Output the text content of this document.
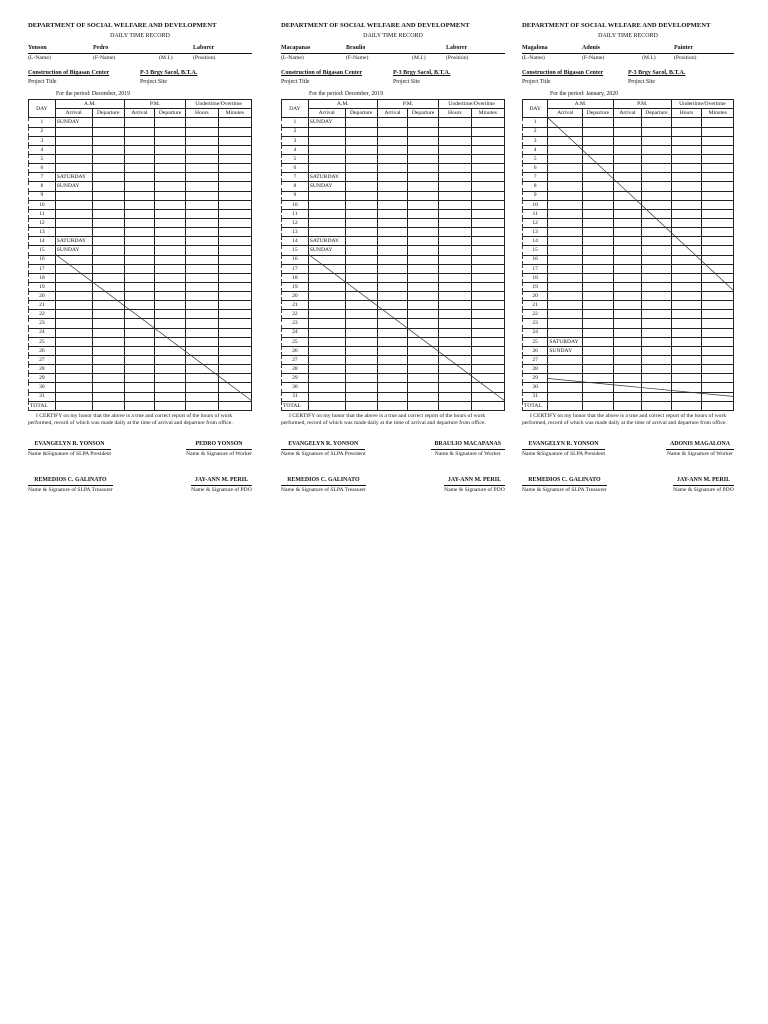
DEPARTMENT OF SOCIAL WELFARE AND DEVELOPMENT
DAILY TIME RECORD
Yonson	Pedro	Laborer
(L-Name)	(F-Name)	(M.I.)	(Position)
Construction of Bigasan Center
Project Title
P-3 Brgy Sacol, B.T.A.
Project Site
For the period: December, 2019
DAY	A.M.		P.M.		Undertime/Overtime	
	Arrival	Departure	Arrival	Departure	Hours	Minutes
1	SUNDAY					
2						
3						
4						
5						
6						
7	SATURDAY					
8	SUNDAY					
9						
10						
11						
12						
13						
14	SATURDAY					
15	SUNDAY					
16						
17						
18						
19						
20						
21						
22						
23						
24						
25						
26						
27						
28						
29						
30						
31						
TOTAL						
I CERTIFY on my honor that the above is a true and correct report of the hours of work performed, record of which was made daily at the time of arrival and departure from office.
EVANGELYN R. YONSON
Name &Signature of SLPA President
PEDRO YONSON
Name & Signature of Worker
REMEDIOS C. GALINATO
Name & Signature of SLPA Treasurer
JAY-ANN M. PERIL
Name & Signature of PDO
DEPARTMENT OF SOCIAL WELFARE AND DEVELOPMENT
DAILY TIME RECORD
Macapanas	Braulio	Laborer
(L-Name)	(F-Name)	(M.I.)	(Position)
Construction of Bigasan Center
Project Title
P-3 Brgy Sacol, B.T.A.
Project Site
For the period: December, 2019
DAY	A.M.		P.M.		Undertime/Overtime	
	Arrival	Departure	Arrival	Departure	Hours	Minutes
1	SUNDAY					
2						
3						
4						
5						
6						
7	SATURDAY					
8	SUNDAY					
9						
10						
11						
12						
13						
14	SATURDAY					
15	SUNDAY					
16						
17						
18						
19						
20						
21						
22						
23						
24						
25						
26						
27						
28						
29						
30						
31						
TOTAL						
I CERTIFY on my honor that the above is a true and correct report of the hours of work performed, record of which was made daily at the time of arrival and departure from office.
EVANGELYN R. YONSON
Name & Signature of SLPA President
BRAULIO MACAPANAS
Name & Signature of Worker
REMEDIOS C. GALINATO
Name & Signature of SLPA Treasurer
JAY-ANN M. PERIL
Name & Signature of PDO
DEPARTMENT OF SOCIAL WELFARE AND DEVELOPMENT
DAILY TIME RECORD
Magalona	Adonis	Painter
(L-Name)	(F-Name)	(M.I.)	(Position)
Construction of Bigasan Center
Project Title
P-3 Brgy Sacol, B.T.A.
Project Site
For the period: January, 2020
DAY	A.M.		P.M.		Undertime/Overtime	
	Arrival	Departure	Arrival	Departure	Hours	Minutes
1						
2						
3						
4						
5						
6						
7						
8						
9						
10						
11						
12						
13						
14						
15						
16						
17						
18						
19						
20						
21						
22						
23						
24						
25	SATURDAY					
26	SUNDAY					
27						
28						
29						
30						
31						
TOTAL						
I CERTIFY on my honor that the above is a true and correct report of the hours of work performed, record of which was made daily at the time of arrival and departure from office.
EVANGELYN R. YONSON
Name &Signature of SLPA President
ADONIS MAGALONA
Name & Signature of Worker
REMEDIOS C. GALINATO
Name & Signature of SLPA Treasurer
JAY-ANN M. PERIL
Name & Signature of PDO
